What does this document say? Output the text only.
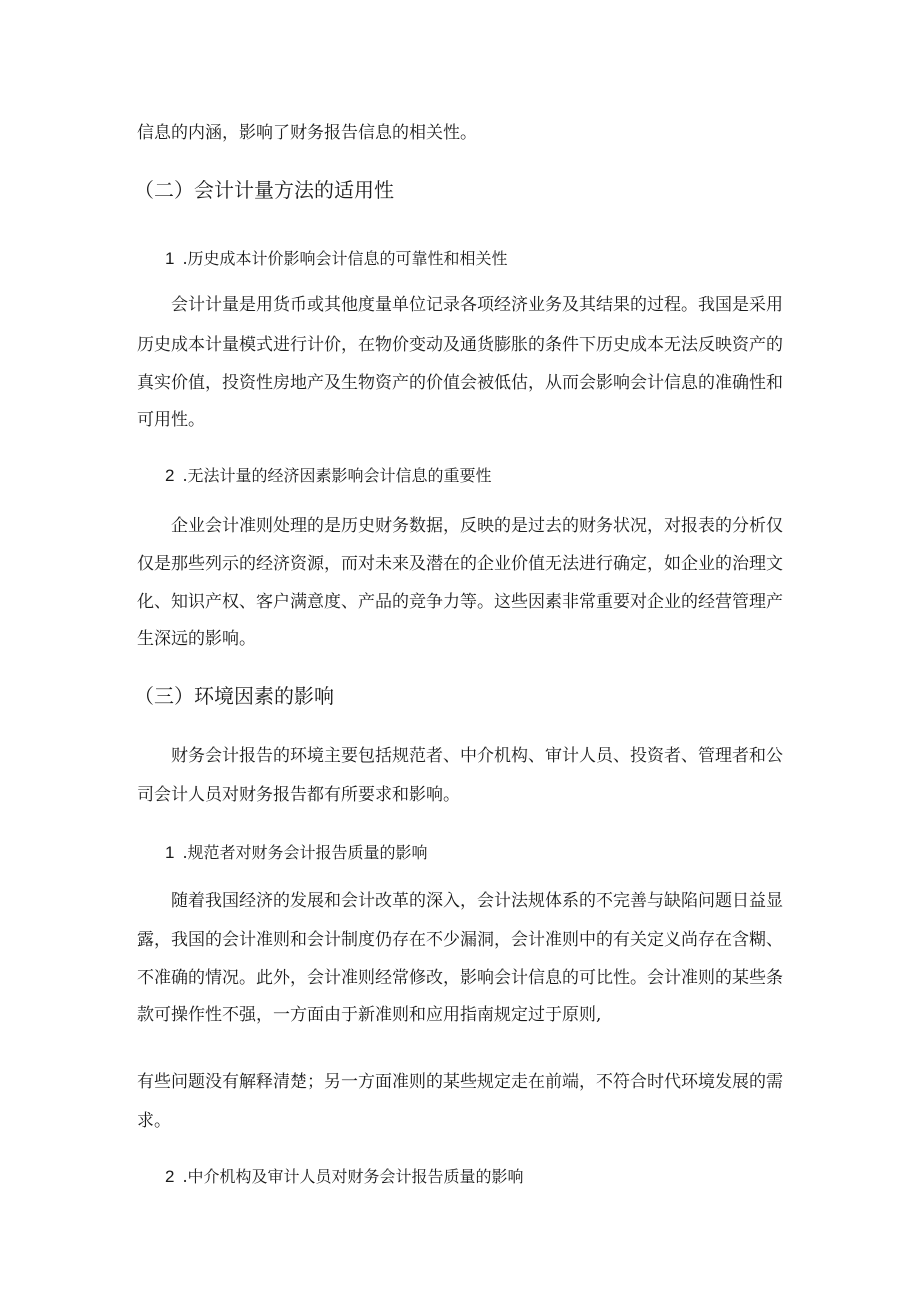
信息的内涵，影响了财务报告信息的相关性。
（二）会计计量方法的适用性
1 .历史成本计价影响会计信息的可靠性和相关性
会计计量是用货币或其他度量单位记录各项经济业务及其结果的过程。我国是采用
历史成本计量模式进行计价，在物价变动及通货膨胀的条件下历史成本无法反映资产的
真实价值，投资性房地产及生物资产的价值会被低估，从而会影响会计信息的准确性和
可用性。
2 .无法计量的经济因素影响会计信息的重要性
企业会计准则处理的是历史财务数据，反映的是过去的财务状况，对报表的分析仅
仅是那些列示的经济资源，而对未来及潜在的企业价值无法进行确定，如企业的治理文
化、知识产权、客户满意度、产品的竞争力等。这些因素非常重要对企业的经营管理产
生深远的影响。
（三）环境因素的影响
财务会计报告的环境主要包括规范者、中介机构、审计人员、投资者、管理者和公
司会计人员对财务报告都有所要求和影响。
1 .规范者对财务会计报告质量的影响
随着我国经济的发展和会计改革的深入，会计法规体系的不完善与缺陷问题日益显
露，我国的会计准则和会计制度仍存在不少漏洞，会计准则中的有关定义尚存在含糊、
不准确的情况。此外，会计准则经常修改，影响会计信息的可比性。会计准则的某些条
款可操作性不强，一方面由于新准则和应用指南规定过于原则,
有些问题没有解释清楚；另一方面准则的某些规定走在前端，不符合时代环境发展的需
求。
2 .中介机构及审计人员对财务会计报告质量的影响
